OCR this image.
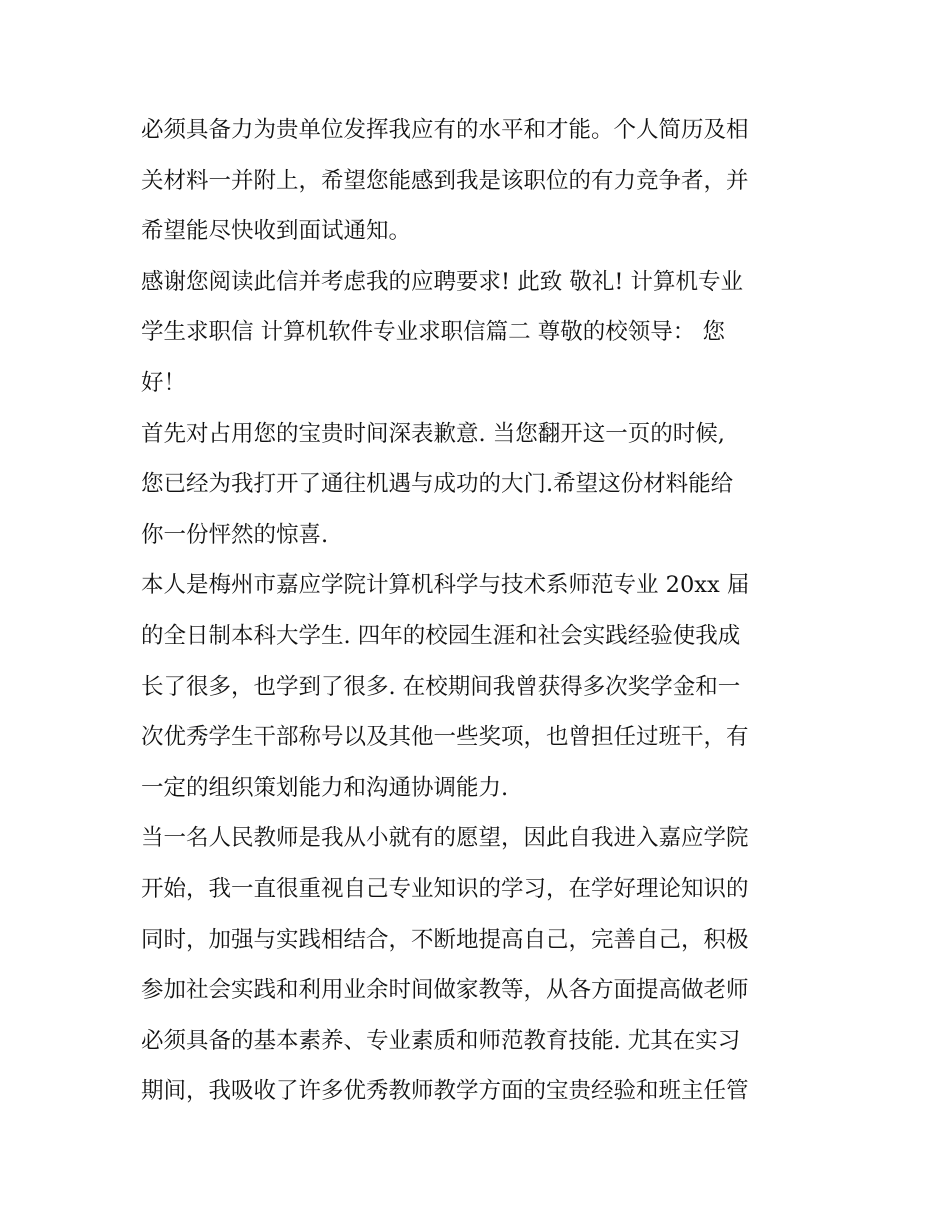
必须具备力为贵单位发挥我应有的水平和才能。个人简历及相
关材料一并附上，希望您能感到我是该职位的有力竞争者，并
希望能尽快收到面试通知。
感谢您阅读此信并考虑我的应聘要求! 此致 敬礼! 计算机专业
学生求职信 计算机软件专业求职信篇二 尊敬的校领导： 您
好！
首先对占用您的宝贵时间深表歉意. 当您翻开这一页的时候,
您已经为我打开了通往机遇与成功的大门.希望这份材料能给
你一份怦然的惊喜.
本人是梅州市嘉应学院计算机科学与技术系师范专业 20xx 届
的全日制本科大学生. 四年的校园生涯和社会实践经验使我成
长了很多，也学到了很多. 在校期间我曾获得多次奖学金和一
次优秀学生干部称号以及其他一些奖项，也曾担任过班干，有
一定的组织策划能力和沟通协调能力.
当一名人民教师是我从小就有的愿望，因此自我进入嘉应学院
开始，我一直很重视自己专业知识的学习，在学好理论知识的
同时，加强与实践相结合，不断地提高自己，完善自己，积极
参加社会实践和利用业余时间做家教等，从各方面提高做老师
必须具备的基本素养、专业素质和师范教育技能. 尤其在实习
期间，我吸收了许多优秀教师教学方面的宝贵经验和班主任管
